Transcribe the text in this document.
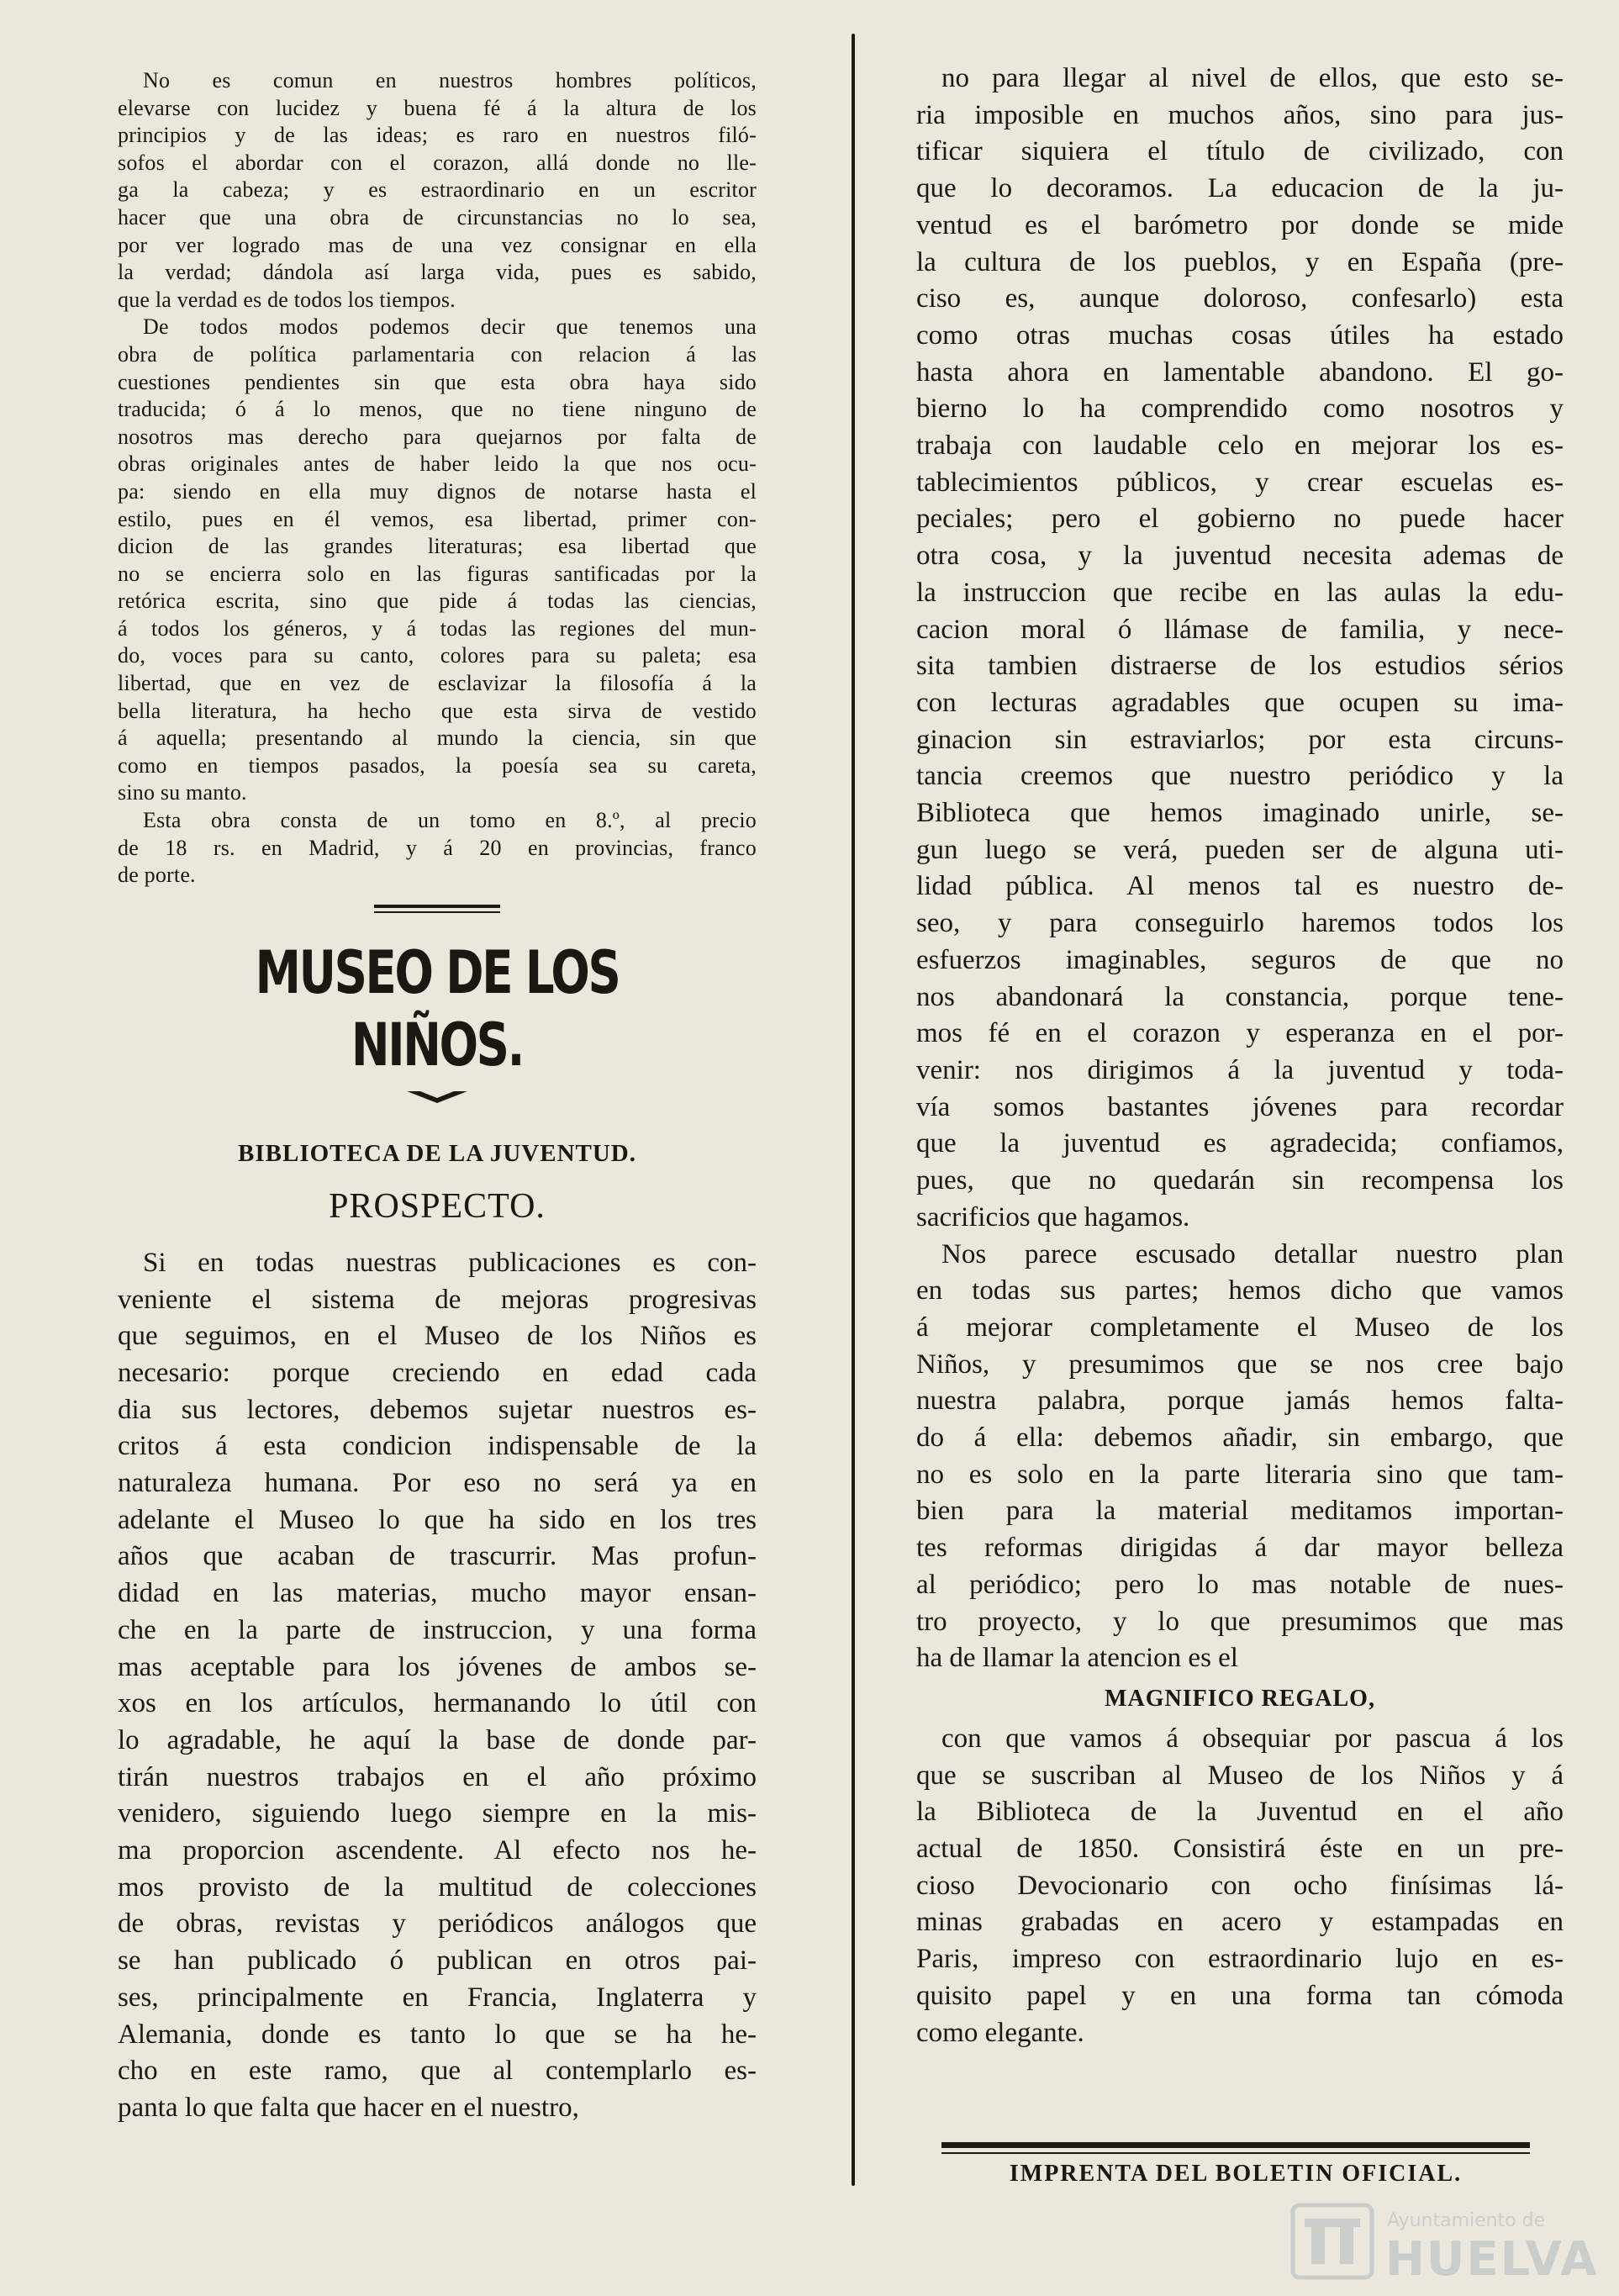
No es comun en nuestros hombres políticos,
elevarse con lucidez y buena fé á la altura de los
principios y de las ideas; es raro en nuestros filó-
sofos el abordar con el corazon, allá donde no lle-
ga la cabeza; y es estraordinario en un escritor
hacer que una obra de circunstancias no lo sea,
por ver logrado mas de una vez consignar en ella
la verdad; dándola así larga vida, pues es sabido,
que la verdad es de todos los tiempos.
De todos modos podemos decir que tenemos una
obra de política parlamentaria con relacion á las
cuestiones pendientes sin que esta obra haya sido
traducida; ó á lo menos, que no tiene ninguno de
nosotros mas derecho para quejarnos por falta de
obras originales antes de haber leido la que nos ocu-
pa: siendo en ella muy dignos de notarse hasta el
estilo, pues en él vemos, esa libertad, primer con-
dicion de las grandes literaturas; esa libertad que
no se encierra solo en las figuras santificadas por la
retórica escrita, sino que pide á todas las ciencias,
á todos los géneros, y á todas las regiones del mun-
do, voces para su canto, colores para su paleta; esa
libertad, que en vez de esclavizar la filosofía á la
bella literatura, ha hecho que esta sirva de vestido
á aquella; presentando al mundo la ciencia, sin que
como en tiempos pasados, la poesía sea su careta,
sino su manto.
Esta obra consta de un tomo en 8.º, al precio
de 18 rs. en Madrid, y á 20 en provincias, franco
de porte.
MUSEO DE LOS NIÑOS.
BIBLIOTECA DE LA JUVENTUD.
PROSPECTO.
Si en todas nuestras publicaciones es con-
veniente el sistema de mejoras progresivas
que seguimos, en el Museo de los Niños es
necesario: porque creciendo en edad cada
dia sus lectores, debemos sujetar nuestros es-
critos á esta condicion indispensable de la
naturaleza humana. Por eso no será ya en
adelante el Museo lo que ha sido en los tres
años que acaban de trascurrir. Mas profun-
didad en las materias, mucho mayor ensan-
che en la parte de instruccion, y una forma
mas aceptable para los jóvenes de ambos se-
xos en los artículos, hermanando lo útil con
lo agradable, he aquí la base de donde par-
tirán nuestros trabajos en el año próximo
venidero, siguiendo luego siempre en la mis-
ma proporcion ascendente. Al efecto nos he-
mos provisto de la multitud de colecciones
de obras, revistas y periódicos análogos que
se han publicado ó publican en otros pai-
ses, principalmente en Francia, Inglaterra y
Alemania, donde es tanto lo que se ha he-
cho en este ramo, que al contemplarlo es-
panta lo que falta que hacer en el nuestro,
no para llegar al nivel de ellos, que esto se-
ria imposible en muchos años, sino para jus-
tificar siquiera el título de civilizado, con
que lo decoramos. La educacion de la ju-
ventud es el barómetro por donde se mide
la cultura de los pueblos, y en España (pre-
ciso es, aunque doloroso, confesarlo) esta
como otras muchas cosas útiles ha estado
hasta ahora en lamentable abandono. El go-
bierno lo ha comprendido como nosotros y
trabaja con laudable celo en mejorar los es-
tablecimientos públicos, y crear escuelas es-
peciales; pero el gobierno no puede hacer
otra cosa, y la juventud necesita ademas de
la instruccion que recibe en las aulas la edu-
cacion moral ó llámase de familia, y nece-
sita tambien distraerse de los estudios sérios
con lecturas agradables que ocupen su ima-
ginacion sin estraviarlos; por esta circuns-
tancia creemos que nuestro periódico y la
Biblioteca que hemos imaginado unirle, se-
gun luego se verá, pueden ser de alguna uti-
lidad pública. Al menos tal es nuestro de-
seo, y para conseguirlo haremos todos los
esfuerzos imaginables, seguros de que no
nos abandonará la constancia, porque tene-
mos fé en el corazon y esperanza en el por-
venir: nos dirigimos á la juventud y toda-
vía somos bastantes jóvenes para recordar
que la juventud es agradecida; confiamos,
pues, que no quedarán sin recompensa los
sacrificios que hagamos.
Nos parece escusado detallar nuestro plan
en todas sus partes; hemos dicho que vamos
á mejorar completamente el Museo de los
Niños, y presumimos que se nos cree bajo
nuestra palabra, porque jamás hemos falta-
do á ella: debemos añadir, sin embargo, que
no es solo en la parte literaria sino que tam-
bien para la material meditamos importan-
tes reformas dirigidas á dar mayor belleza
al periódico; pero lo mas notable de nues-
tro proyecto, y lo que presumimos que mas
ha de llamar la atencion es el
MAGNIFICO REGALO,
con que vamos á obsequiar por pascua á los
que se suscriban al Museo de los Niños y á
la Biblioteca de la Juventud en el año
actual de 1850. Consistirá éste en un pre-
cioso Devocionario con ocho finísimas lá-
minas grabadas en acero y estampadas en
Paris, impreso con estraordinario lujo en es-
quisito papel y en una forma tan cómoda
como elegante.
IMPRENTA DEL BOLETIN OFICIAL.
Ayuntamiento de
HUELVA
